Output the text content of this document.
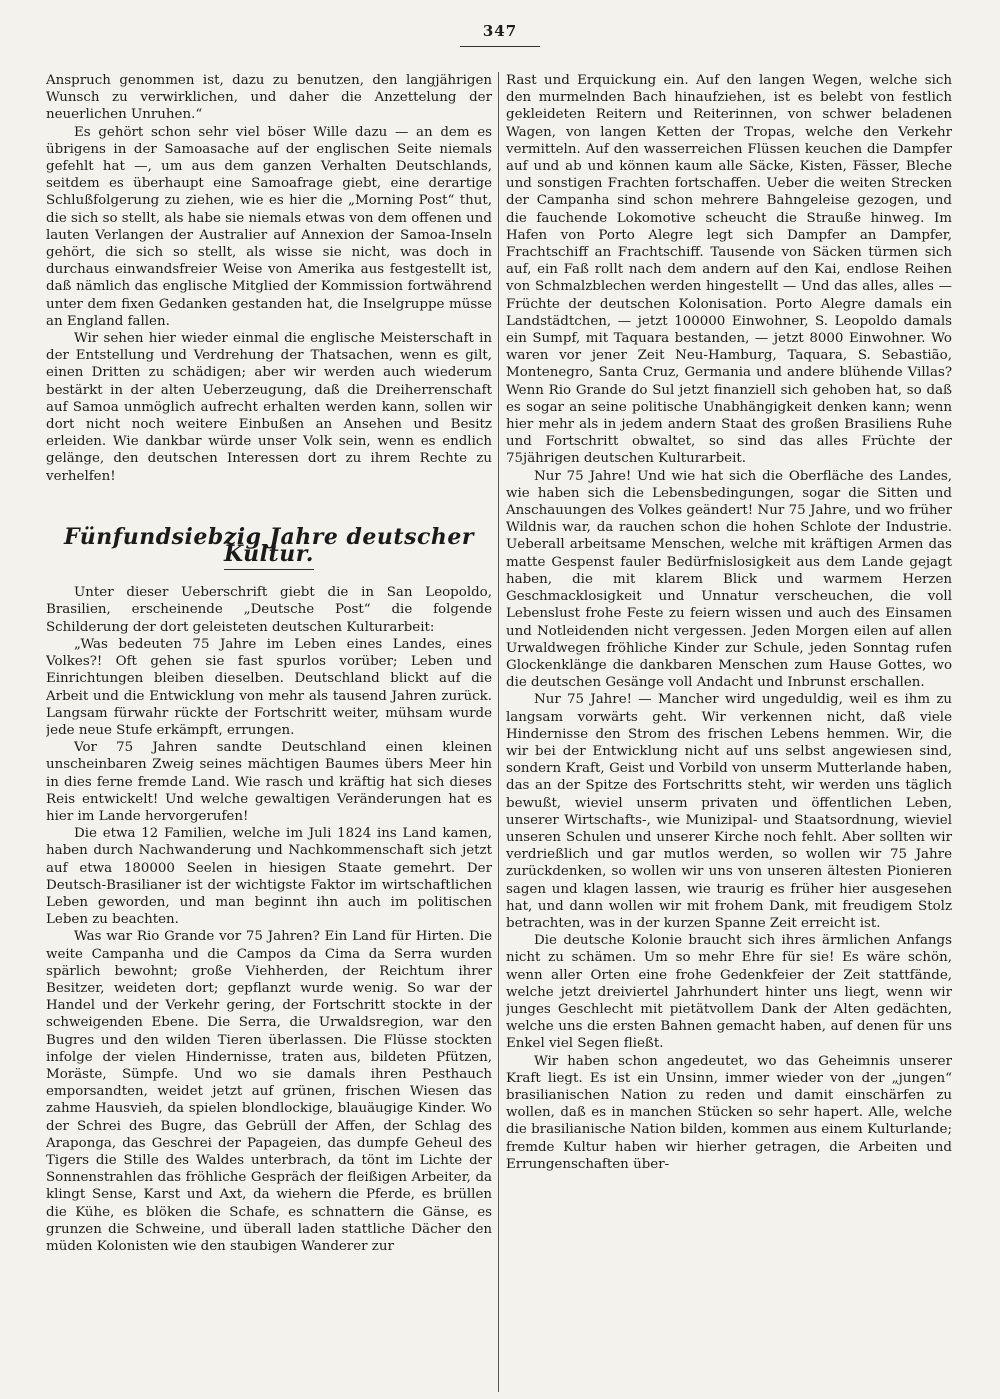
347

Anspruch genommen ist, dazu zu benutzen, den langjährigen Wunsch zu verwirklichen, und daher die Anzettelung der neuerlichen Unruhen.“

Es gehört schon sehr viel böser Wille dazu — an dem es übrigens in der Samoasache auf der englischen Seite niemals gefehlt hat —, um aus dem ganzen Verhalten Deutschlands, seitdem es überhaupt eine Samoafrage giebt, eine derartige Schlußfolgerung zu ziehen, wie es hier die „Morning Post“ thut, die sich so stellt, als habe sie niemals etwas von dem offenen und lauten Verlangen der Australier auf Annexion der Samoa-Inseln gehört, die sich so stellt, als wisse sie nicht, was doch in durchaus einwandsfreier Weise von Amerika aus festgestellt ist, daß nämlich das englische Mitglied der Kommission fortwährend unter dem fixen Gedanken gestanden hat, die Inselgruppe müsse an England fallen.

Wir sehen hier wieder einmal die englische Meisterschaft in der Entstellung und Verdrehung der Thatsachen, wenn es gilt, einen Dritten zu schädigen; aber wir werden auch wiederum bestärkt in der alten Ueberzeugung, daß die Dreiherrenschaft auf Samoa unmöglich aufrecht erhalten werden kann, sollen wir dort nicht noch weitere Einbußen an Ansehen und Besitz erleiden. Wie dankbar würde unser Volk sein, wenn es endlich gelänge, den deutschen Interessen dort zu ihrem Rechte zu verhelfen!

Fünfundsiebzig Jahre deutscher Kultur.

Unter dieser Ueberschrift giebt die in San Leopoldo, Brasilien, erscheinende „Deutsche Post“ die folgende Schilderung der dort geleisteten deutschen Kulturarbeit:

„Was bedeuten 75 Jahre im Leben eines Landes, eines Volkes?! Oft gehen sie fast spurlos vorüber; Leben und Einrichtungen bleiben dieselben. Deutschland blickt auf die Arbeit und die Entwicklung von mehr als tausend Jahren zurück. Langsam fürwahr rückte der Fortschritt weiter, mühsam wurde jede neue Stufe erkämpft, errungen.

Vor 75 Jahren sandte Deutschland einen kleinen unscheinbaren Zweig seines mächtigen Baumes übers Meer hin in dies ferne fremde Land. Wie rasch und kräftig hat sich dieses Reis entwickelt! Und welche gewaltigen Veränderungen hat es hier im Lande hervorgerufen!

Die etwa 12 Familien, welche im Juli 1824 ins Land kamen, haben durch Nachwanderung und Nachkommenschaft sich jetzt auf etwa 180000 Seelen in hiesigen Staate gemehrt. Der Deutsch-Brasilianer ist der wichtigste Faktor im wirtschaftlichen Leben geworden, und man beginnt ihn auch im politischen Leben zu beachten.

Was war Rio Grande vor 75 Jahren? Ein Land für Hirten. Die weite Campanha und die Campos da Cima da Serra wurden spärlich bewohnt; große Viehherden, der Reichtum ihrer Besitzer, weideten dort; gepflanzt wurde wenig. So war der Handel und der Verkehr gering, der Fortschritt stockte in der schweigenden Ebene. Die Serra, die Urwaldsregion, war den Bugres und den wilden Tieren überlassen. Die Flüsse stockten infolge der vielen Hindernisse, traten aus, bildeten Pfützen, Moräste, Sümpfe. Und wo sie damals ihren Pesthauch emporsandten, weidet jetzt auf grünen, frischen Wiesen das zahme Hausvieh, da spielen blondlockige, blauäugige Kinder. Wo der Schrei des Bugre, das Gebrüll der Affen, der Schlag des Araponga, das Geschrei der Papageien, das dumpfe Geheul des Tigers die Stille des Waldes unterbrach, da tönt im Lichte der Sonnenstrahlen das fröhliche Gespräch der fleißigen Arbeiter, da klingt Sense, Karst und Axt, da wiehern die Pferde, es brüllen die Kühe, es blöken die Schafe, es schnattern die Gänse, es grunzen die Schweine, und überall laden stattliche Dächer den müden Kolonisten wie den staubigen Wanderer zur

Rast und Erquickung ein. Auf den langen Wegen, welche sich den murmelnden Bach hinaufziehen, ist es belebt von festlich gekleideten Reitern und Reiterinnen, von schwer beladenen Wagen, von langen Ketten der Tropas, welche den Verkehr vermitteln. Auf den wasserreichen Flüssen keuchen die Dampfer auf und ab und können kaum alle Säcke, Kisten, Fässer, Bleche und sonstigen Frachten fortschaffen. Ueber die weiten Strecken der Campanha sind schon mehrere Bahngeleise gezogen, und die fauchende Lokomotive scheucht die Strauße hinweg. Im Hafen von Porto Alegre legt sich Dampfer an Dampfer, Frachtschiff an Frachtschiff. Tausende von Säcken türmen sich auf, ein Faß rollt nach dem andern auf den Kai, endlose Reihen von Schmalzblechen werden hingestellt — Und das alles, alles — Früchte der deutschen Kolonisation. Porto Alegre damals ein Landstädtchen, — jetzt 100000 Einwohner, S. Leopoldo damals ein Sumpf, mit Taquara bestanden, — jetzt 8000 Einwohner. Wo waren vor jener Zeit Neu-Hamburg, Taquara, S. Sebastião, Montenegro, Santa Cruz, Germania und andere blühende Villas? Wenn Rio Grande do Sul jetzt finanziell sich gehoben hat, so daß es sogar an seine politische Unabhängigkeit denken kann; wenn hier mehr als in jedem andern Staat des großen Brasiliens Ruhe und Fortschritt obwaltet, so sind das alles Früchte der 75jährigen deutschen Kulturarbeit.

Nur 75 Jahre! Und wie hat sich die Oberfläche des Landes, wie haben sich die Lebensbedingungen, sogar die Sitten und Anschauungen des Volkes geändert! Nur 75 Jahre, und wo früher Wildnis war, da rauchen schon die hohen Schlote der Industrie. Ueberall arbeitsame Menschen, welche mit kräftigen Armen das matte Gespenst fauler Bedürfnislosigkeit aus dem Lande gejagt haben, die mit klarem Blick und warmem Herzen Geschmacklosigkeit und Unnatur verscheuchen, die voll Lebenslust frohe Feste zu feiern wissen und auch des Einsamen und Notleidenden nicht vergessen. Jeden Morgen eilen auf allen Urwaldwegen fröhliche Kinder zur Schule, jeden Sonntag rufen Glockenklänge die dankbaren Menschen zum Hause Gottes, wo die deutschen Gesänge voll Andacht und Inbrunst erschallen.

Nur 75 Jahre! — Mancher wird ungeduldig, weil es ihm zu langsam vorwärts geht. Wir verkennen nicht, daß viele Hindernisse den Strom des frischen Lebens hemmen. Wir, die wir bei der Entwicklung nicht auf uns selbst angewiesen sind, sondern Kraft, Geist und Vorbild von unserm Mutterlande haben, das an der Spitze des Fortschritts steht, wir werden uns täglich bewußt, wieviel unserm privaten und öffentlichen Leben, unserer Wirtschafts-, wie Munizipal- und Staatsordnung, wieviel unseren Schulen und unserer Kirche noch fehlt. Aber sollten wir verdrießlich und gar mutlos werden, so wollen wir 75 Jahre zurückdenken, so wollen wir uns von unseren ältesten Pionieren sagen und klagen lassen, wie traurig es früher hier ausgesehen hat, und dann wollen wir mit frohem Dank, mit freudigem Stolz betrachten, was in der kurzen Spanne Zeit erreicht ist.

Die deutsche Kolonie braucht sich ihres ärmlichen Anfangs nicht zu schämen. Um so mehr Ehre für sie! Es wäre schön, wenn aller Orten eine frohe Gedenkfeier der Zeit stattfände, welche jetzt dreiviertel Jahrhundert hinter uns liegt, wenn wir junges Geschlecht mit pietätvollem Dank der Alten gedächten, welche uns die ersten Bahnen gemacht haben, auf denen für uns Enkel viel Segen fließt.

Wir haben schon angedeutet, wo das Geheimnis unserer Kraft liegt. Es ist ein Unsinn, immer wieder von der „jungen“ brasilianischen Nation zu reden und damit einschärfen zu wollen, daß es in manchen Stücken so sehr hapert. Alle, welche die brasilianische Nation bilden, kommen aus einem Kulturlande; fremde Kultur haben wir hierher getragen, die Arbeiten und Errungenschaften über-
